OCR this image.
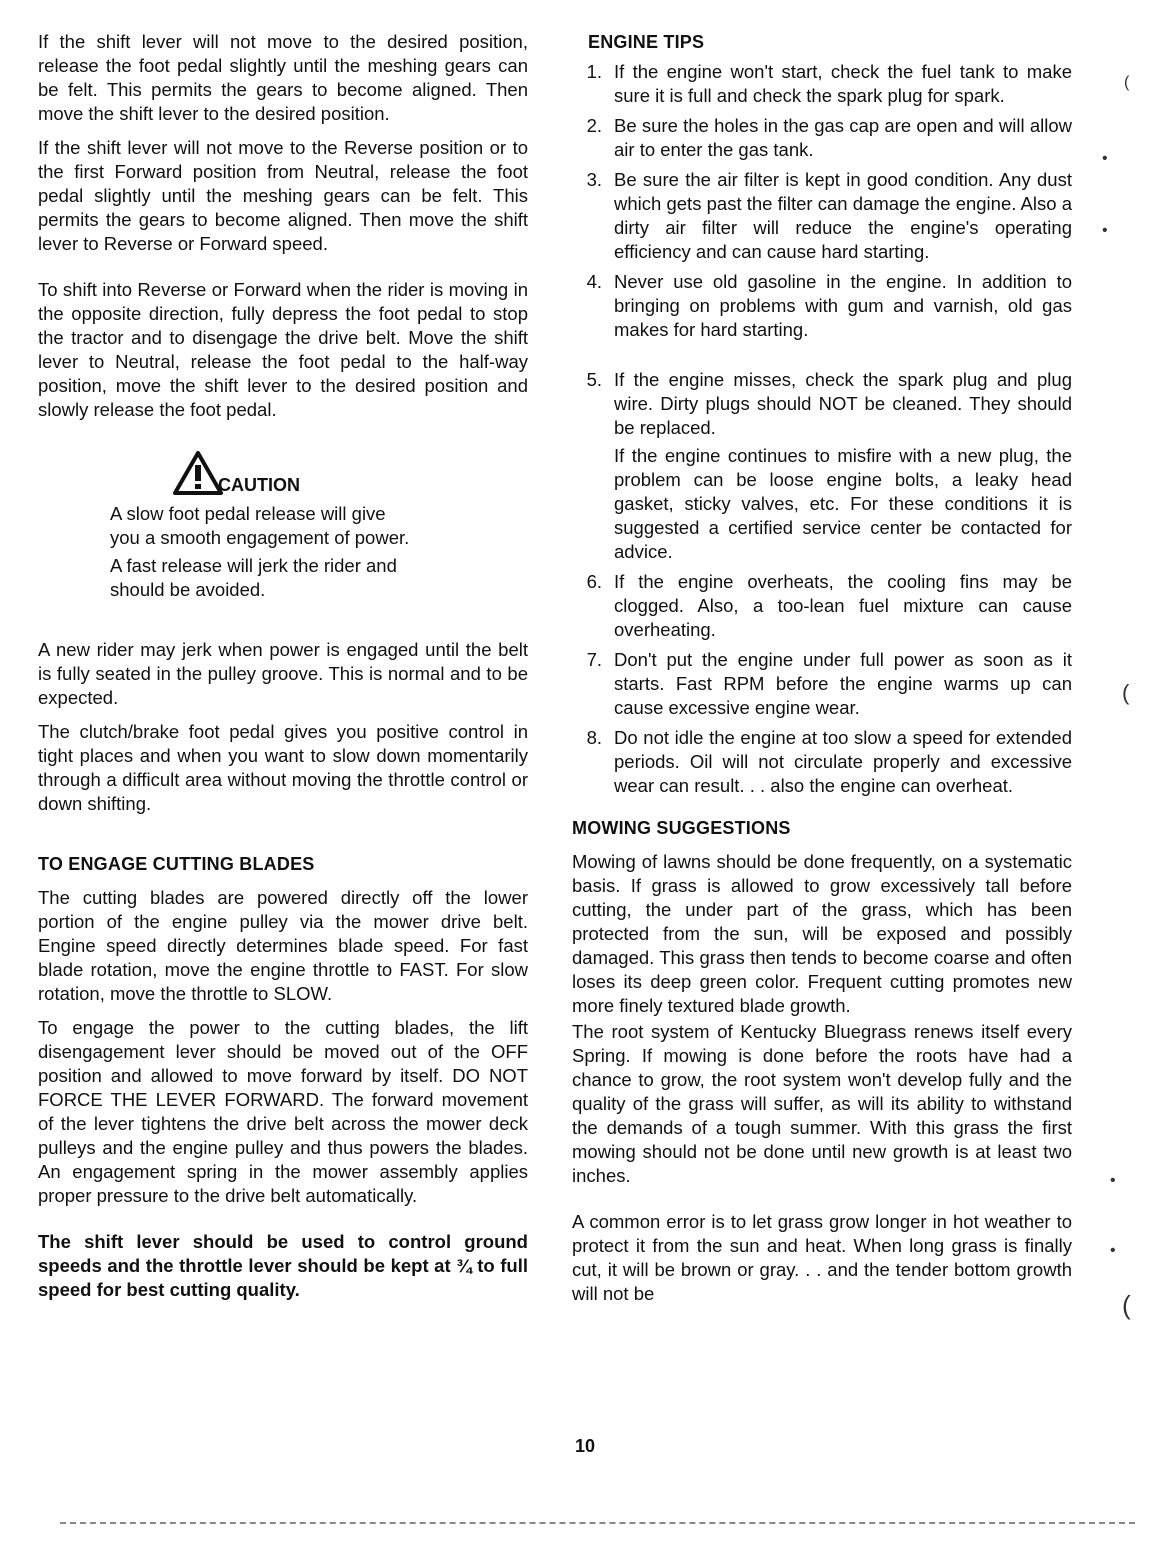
If the shift lever will not move to the desired position, release the foot pedal slightly until the meshing gears can be felt. This permits the gears to become aligned. Then move the shift lever to the desired position.

If the shift lever will not move to the Reverse position or to the first Forward position from Neutral, release the foot pedal slightly until the meshing gears can be felt. This permits the gears to become aligned. Then move the shift lever to Reverse or Forward speed.

To shift into Reverse or Forward when the rider is moving in the opposite direction, fully depress the foot pedal to stop the tractor and to disengage the drive belt. Move the shift lever to Neutral, release the foot pedal to the half-way position, move the shift lever to the desired position and slowly release the foot pedal.

CAUTION

A slow foot pedal release will give

you a smooth engagement of power.

A fast release will jerk the rider and

should be avoided.

A new rider may jerk when power is engaged until the belt is fully seated in the pulley groove. This is normal and to be expected.

The clutch/brake foot pedal gives you positive control in tight places and when you want to slow down momentarily through a difficult area without moving the throttle control or down shifting.

TO ENGAGE CUTTING BLADES

The cutting blades are powered directly off the lower portion of the engine pulley via the mower drive belt. Engine speed directly determines blade speed. For fast blade rotation, move the engine throttle to FAST. For slow rotation, move the throttle to SLOW.

To engage the power to the cutting blades, the lift disengagement lever should be moved out of the OFF position and allowed to move forward by itself. DO NOT FORCE THE LEVER FORWARD. The forward movement of the lever tightens the drive belt across the mower deck pulleys and the engine pulley and thus powers the blades. An engagement spring in the mower assembly applies proper pressure to the drive belt automatically.

The shift lever should be used to control ground speeds and the throttle lever should be kept at ¾ to full speed for best cutting quality.

ENGINE TIPS
1. If the engine won't start, check the fuel tank to make sure it is full and check the spark plug for spark.

2. Be sure the holes in the gas cap are open and will allow air to enter the gas tank.

3. Be sure the air filter is kept in good condition. Any dust which gets past the filter can damage the engine. Also a dirty air filter will reduce the engine's operating efficiency and can cause hard starting.

4. Never use old gasoline in the engine. In addition to bringing on problems with gum and varnish, old gas makes for hard starting.

5. If the engine misses, check the spark plug and plug wire. Dirty plugs should NOT be cleaned. They should be replaced.

If the engine continues to misfire with a new plug, the problem can be loose engine bolts, a leaky head gasket, sticky valves, etc. For these conditions it is suggested a certified service center be contacted for advice.

6. If the engine overheats, the cooling fins may be clogged. Also, a too-lean fuel mixture can cause overheating.

7. Don't put the engine under full power as soon as it starts. Fast RPM before the engine warms up can cause excessive engine wear.

8. Do not idle the engine at too slow a speed for extended periods. Oil will not circulate properly and excessive wear can result. . . also the engine can overheat.

MOWING SUGGESTIONS

Mowing of lawns should be done frequently, on a systematic basis. If grass is allowed to grow excessively tall before cutting, the under part of the grass, which has been protected from the sun, will be exposed and possibly damaged. This grass then tends to become coarse and often loses its deep green color. Frequent cutting promotes new more finely textured blade growth.

The root system of Kentucky Bluegrass renews itself every Spring. If mowing is done before the roots have had a chance to grow, the root system won't develop fully and the quality of the grass will suffer, as will its ability to withstand the demands of a tough summer. With this grass the first mowing should not be done until new growth is at least two inches.

A common error is to let grass grow longer in hot weather to protect it from the sun and heat. When long grass is finally cut, it will be brown or gray. . . and the tender bottom growth will not be

10
(
•
•
(
•
•
(
